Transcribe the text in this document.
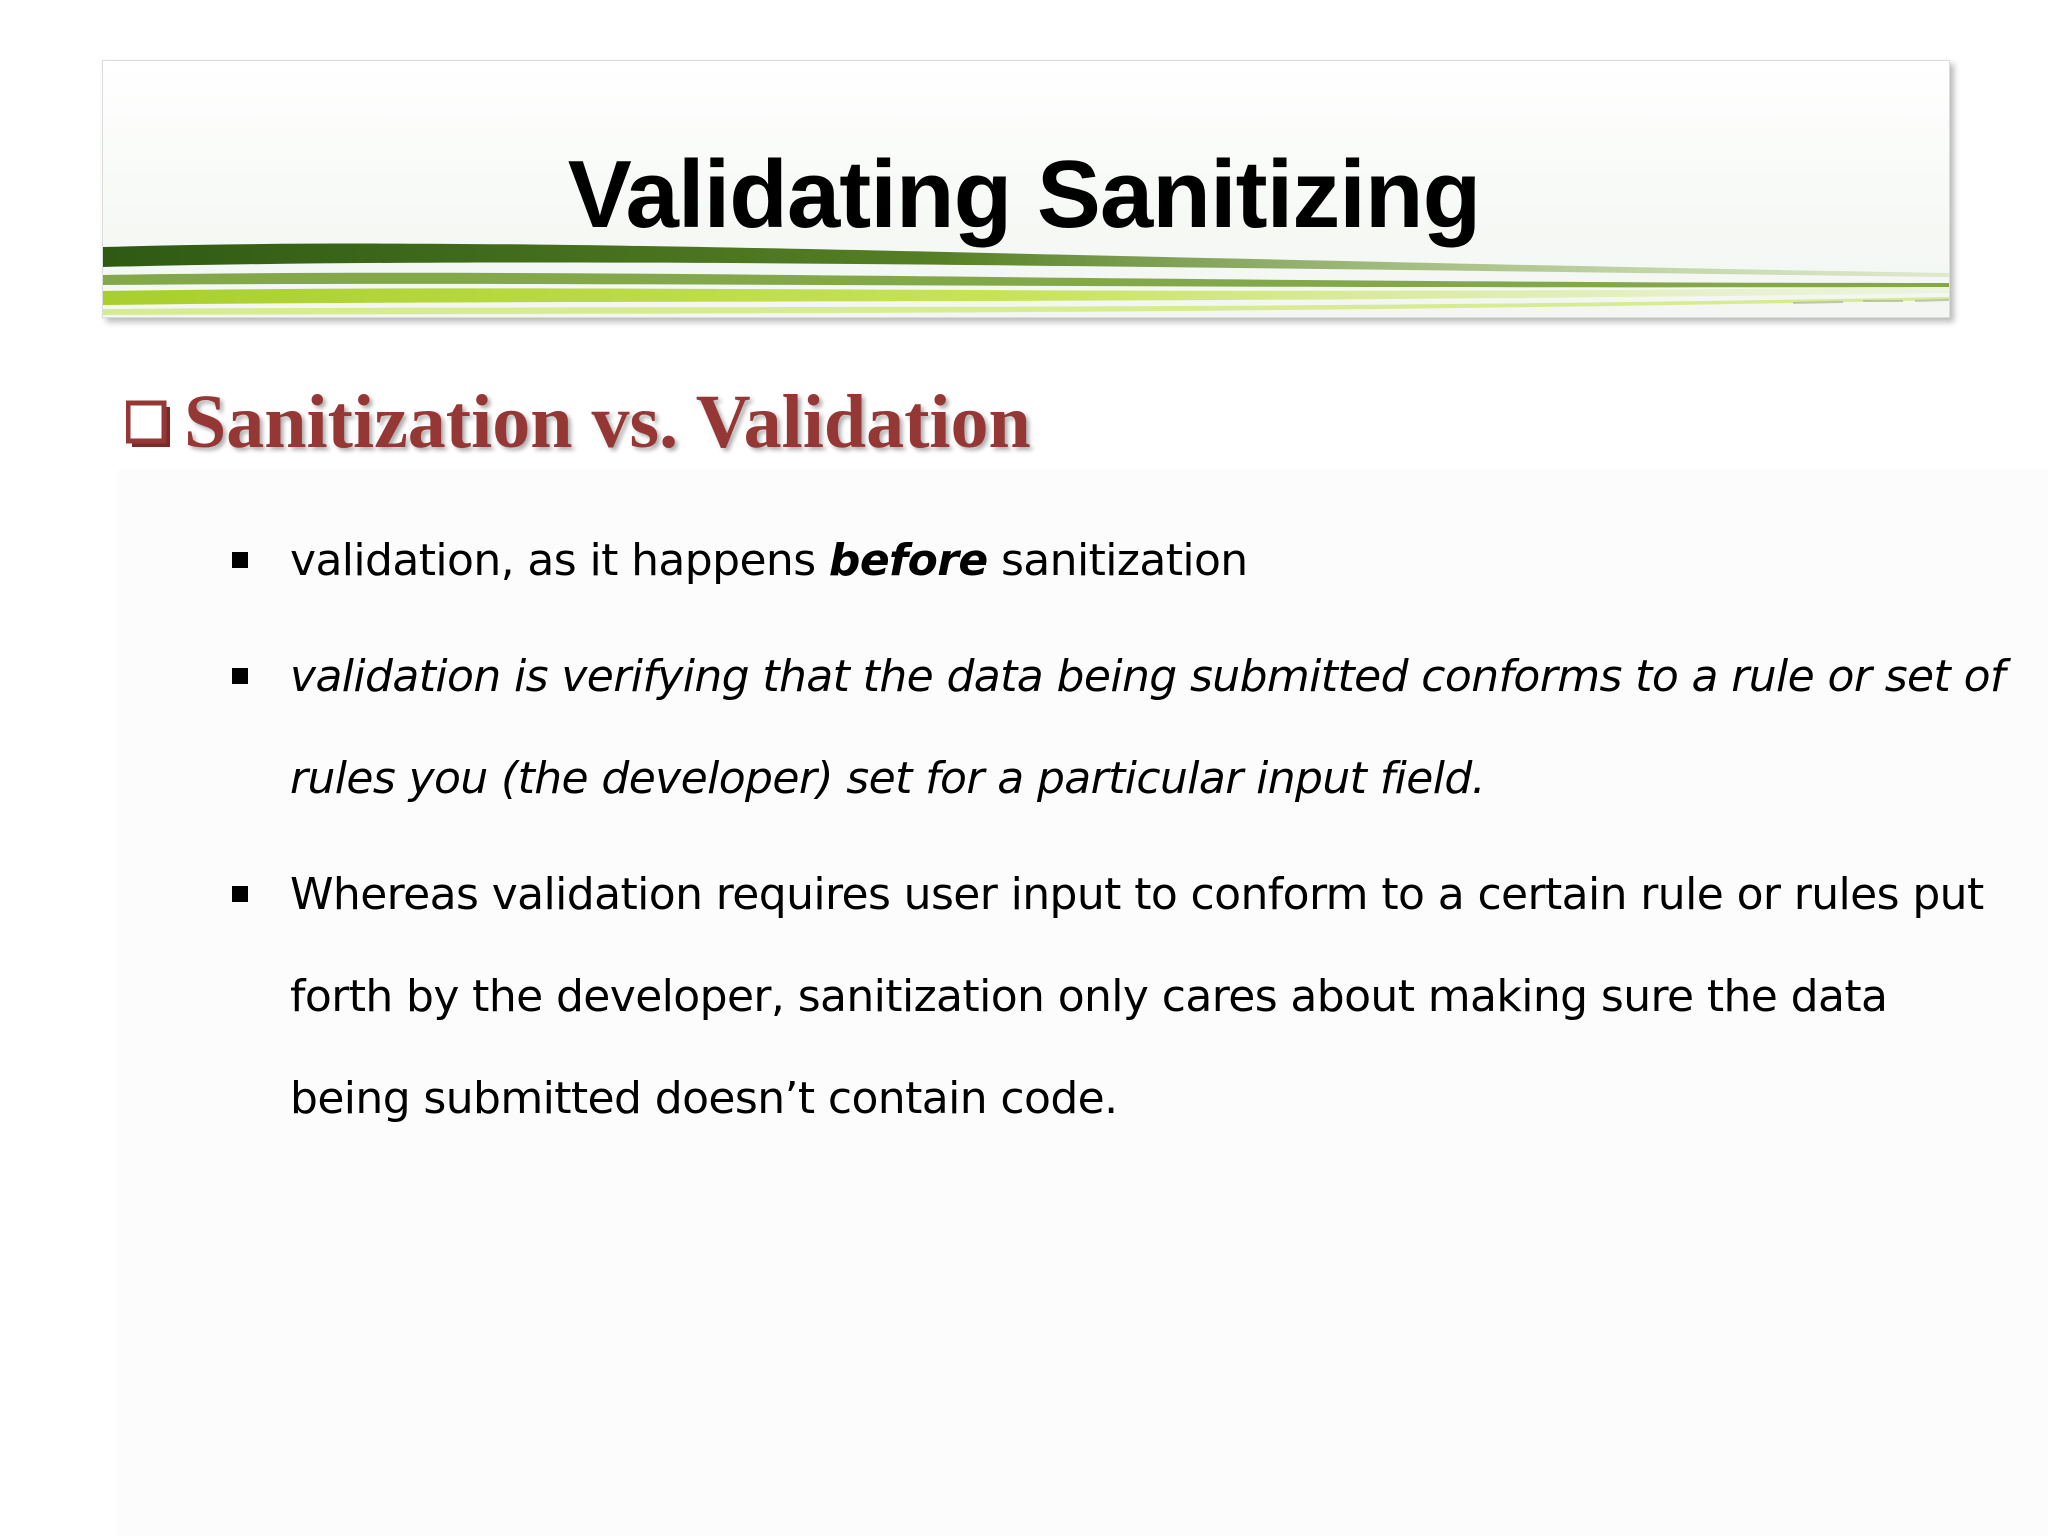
Validating Sanitizing
Sanitization vs. Validation
validation, as it happens before sanitization
validation is verifying that the data being submitted conforms to a rule or set of rules you (the developer) set for a particular input field.
Whereas validation requires user input to conform to a certain rule or rules put forth by the developer, sanitization only cares about making sure the data being submitted doesn’t contain code.
